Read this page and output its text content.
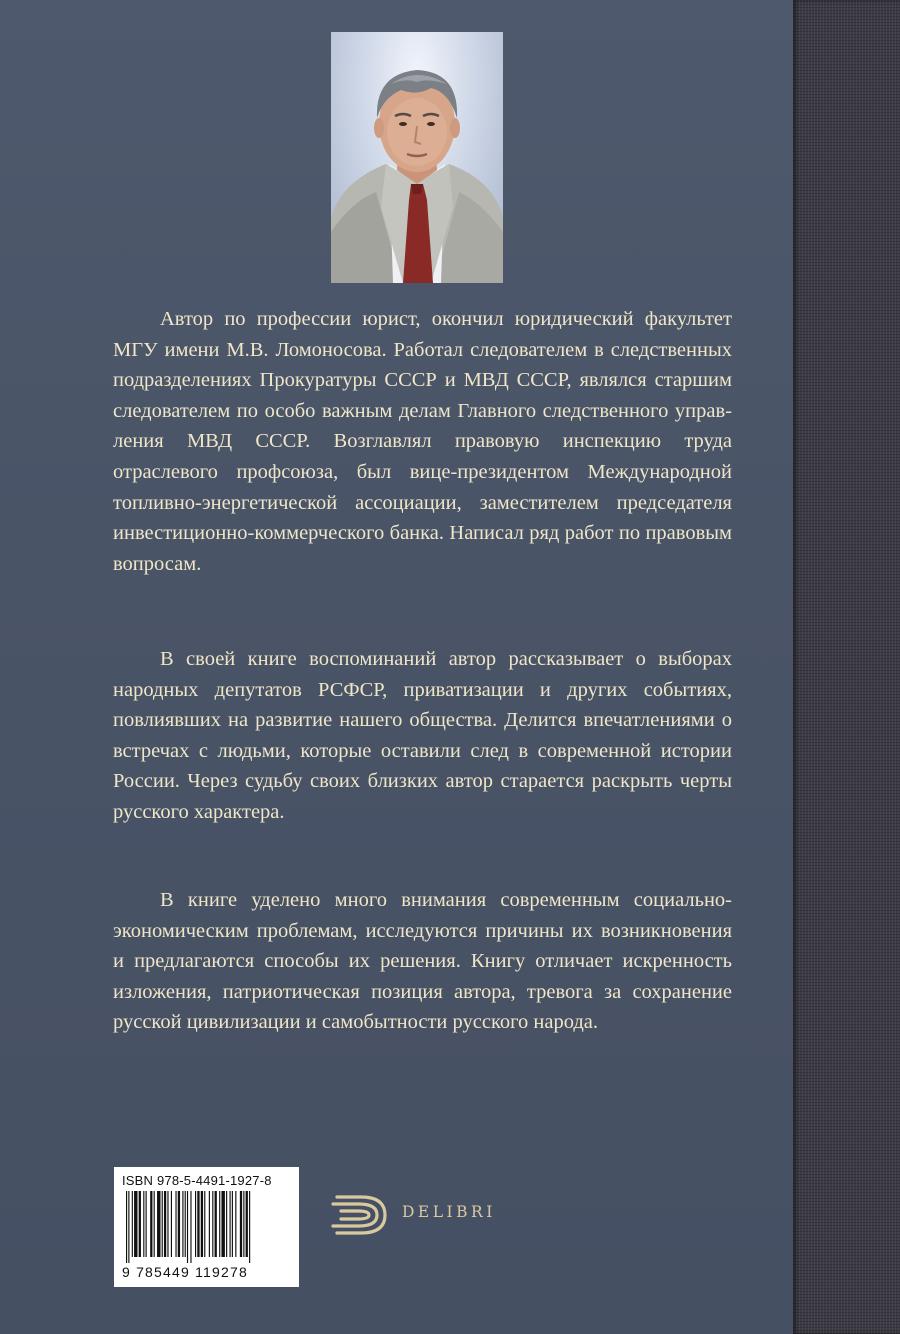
Автор по профессии юрист, окончил юридический факультет МГУ имени М.В. Ломоносова. Работал следователем в следственных подразделениях Прокуратуры СССР и МВД СССР, являлся старшим следователем по особо важным делам Главного следственного управления МВД СССР. Возглавлял правовую инспекцию труда отраслевого профсоюза, был вице-президентом Международной топливно-энергетической ассоциации, заместителем председателя инвестиционно-коммерческого банка. Написал ряд работ по правовым вопросам.

В своей книге воспоминаний автор рассказывает о выборах народных депутатов РСФСР, приватизации и других событиях, повлиявших на развитие нашего общества. Делится впечатлениями о встречах с людьми, которые оставили след в современной истории России. Через судьбу своих близких автор старается раскрыть черты русского характера.

В книге уделено много внимания современным социально-экономическим проблемам, исследуются причины их возникновения и предлагаются способы их решения. Книгу отличает искренность изложения, патриотическая позиция автора, тревога за сохранение русской цивилизации и самобытности русского народа.

ISBN 978-5-4491-1927-8
9 785449 119278
DELIBRI
